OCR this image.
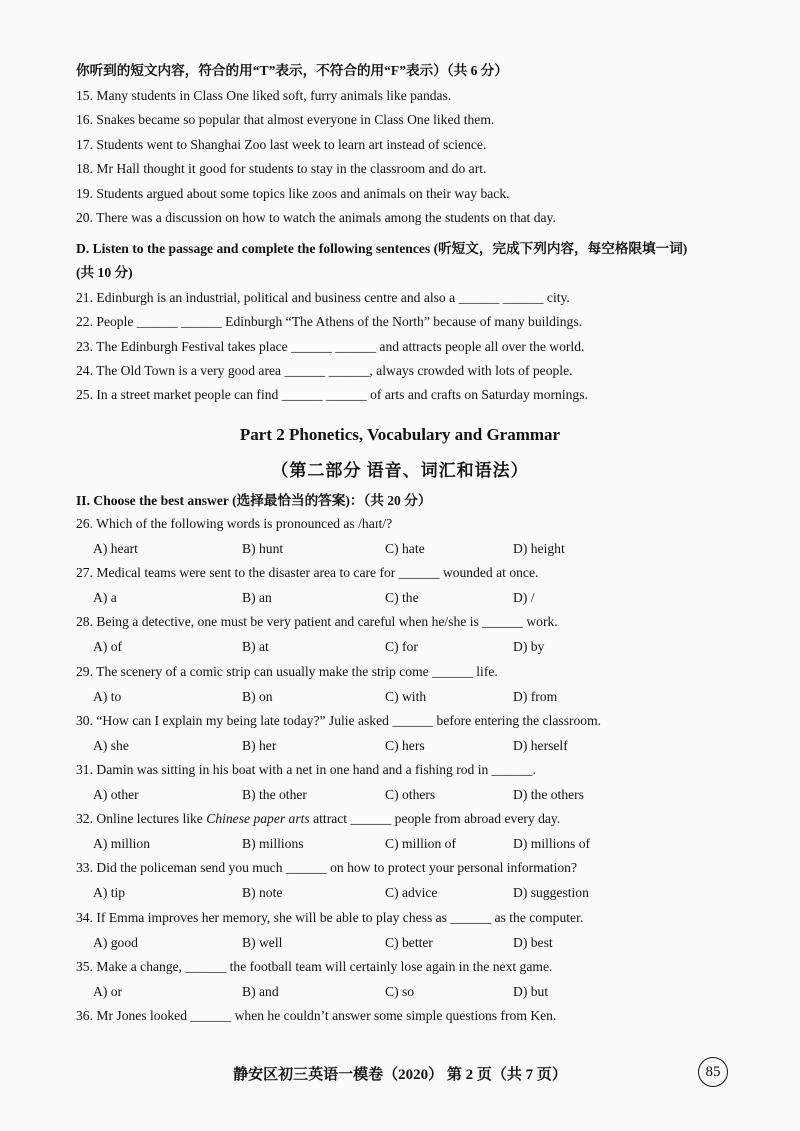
你听到的短文内容，符合的用“T”表示，不符合的用“F”表示）（共 6 分）
15. Many students in Class One liked soft, furry animals like pandas.
16. Snakes became so popular that almost everyone in Class One liked them.
17. Students went to Shanghai Zoo last week to learn art instead of science.
18. Mr Hall thought it good for students to stay in the classroom and do art.
19. Students argued about some topics like zoos and animals on their way back.
20. There was a discussion on how to watch the animals among the students on that day.
D. Listen to the passage and complete the following sentences (听短文，完成下列内容，每空格限填一词)
(共 10 分)
21. Edinburgh is an industrial, political and business centre and also a ______ ______ city.
22. People ______ ______ Edinburgh “The Athens of the North” because of many buildings.
23. The Edinburgh Festival takes place ______ ______ and attracts people all over the world.
24. The Old Town is a very good area ______ ______, always crowded with lots of people.
25. In a street market people can find ______ ______ of arts and crafts on Saturday mornings.
Part 2 Phonetics, Vocabulary and Grammar
（第二部分 语音、词汇和语法）
II. Choose the best answer (选择最恰当的答案)：（共 20 分）
26. Which of the following words is pronounced as /haɪt/?
A) heart	B) hunt	C) hate	D) height
27. Medical teams were sent to the disaster area to care for ______ wounded at once.
A) a	B) an	C) the	D) /
28. Being a detective, one must be very patient and careful when he/she is ______ work.
A) of	B) at	C) for	D) by
29. The scenery of a comic strip can usually make the strip come ______ life.
A) to	B) on	C) with	D) from
30. “How can I explain my being late today?” Julie asked ______ before entering the classroom.
A) she	B) her	C) hers	D) herself
31. Damin was sitting in his boat with a net in one hand and a fishing rod in ______.
A) other	B) the other	C) others	D) the others
32. Online lectures like Chinese paper arts attract ______ people from abroad every day.
A) million	B) millions	C) million of	D) millions of
33. Did the policeman send you much ______ on how to protect your personal information?
A) tip	B) note	C) advice	D) suggestion
34. If Emma improves her memory, she will be able to play chess as ______ as the computer.
A) good	B) well	C) better	D) best
35. Make a change, ______ the football team will certainly lose again in the next game.
A) or	B) and	C) so	D) but
36. Mr Jones looked ______ when he couldn’t answer some simple questions from Ken.
静安区初三英语一模卷（2020） 第 2 页（共 7 页）	85
